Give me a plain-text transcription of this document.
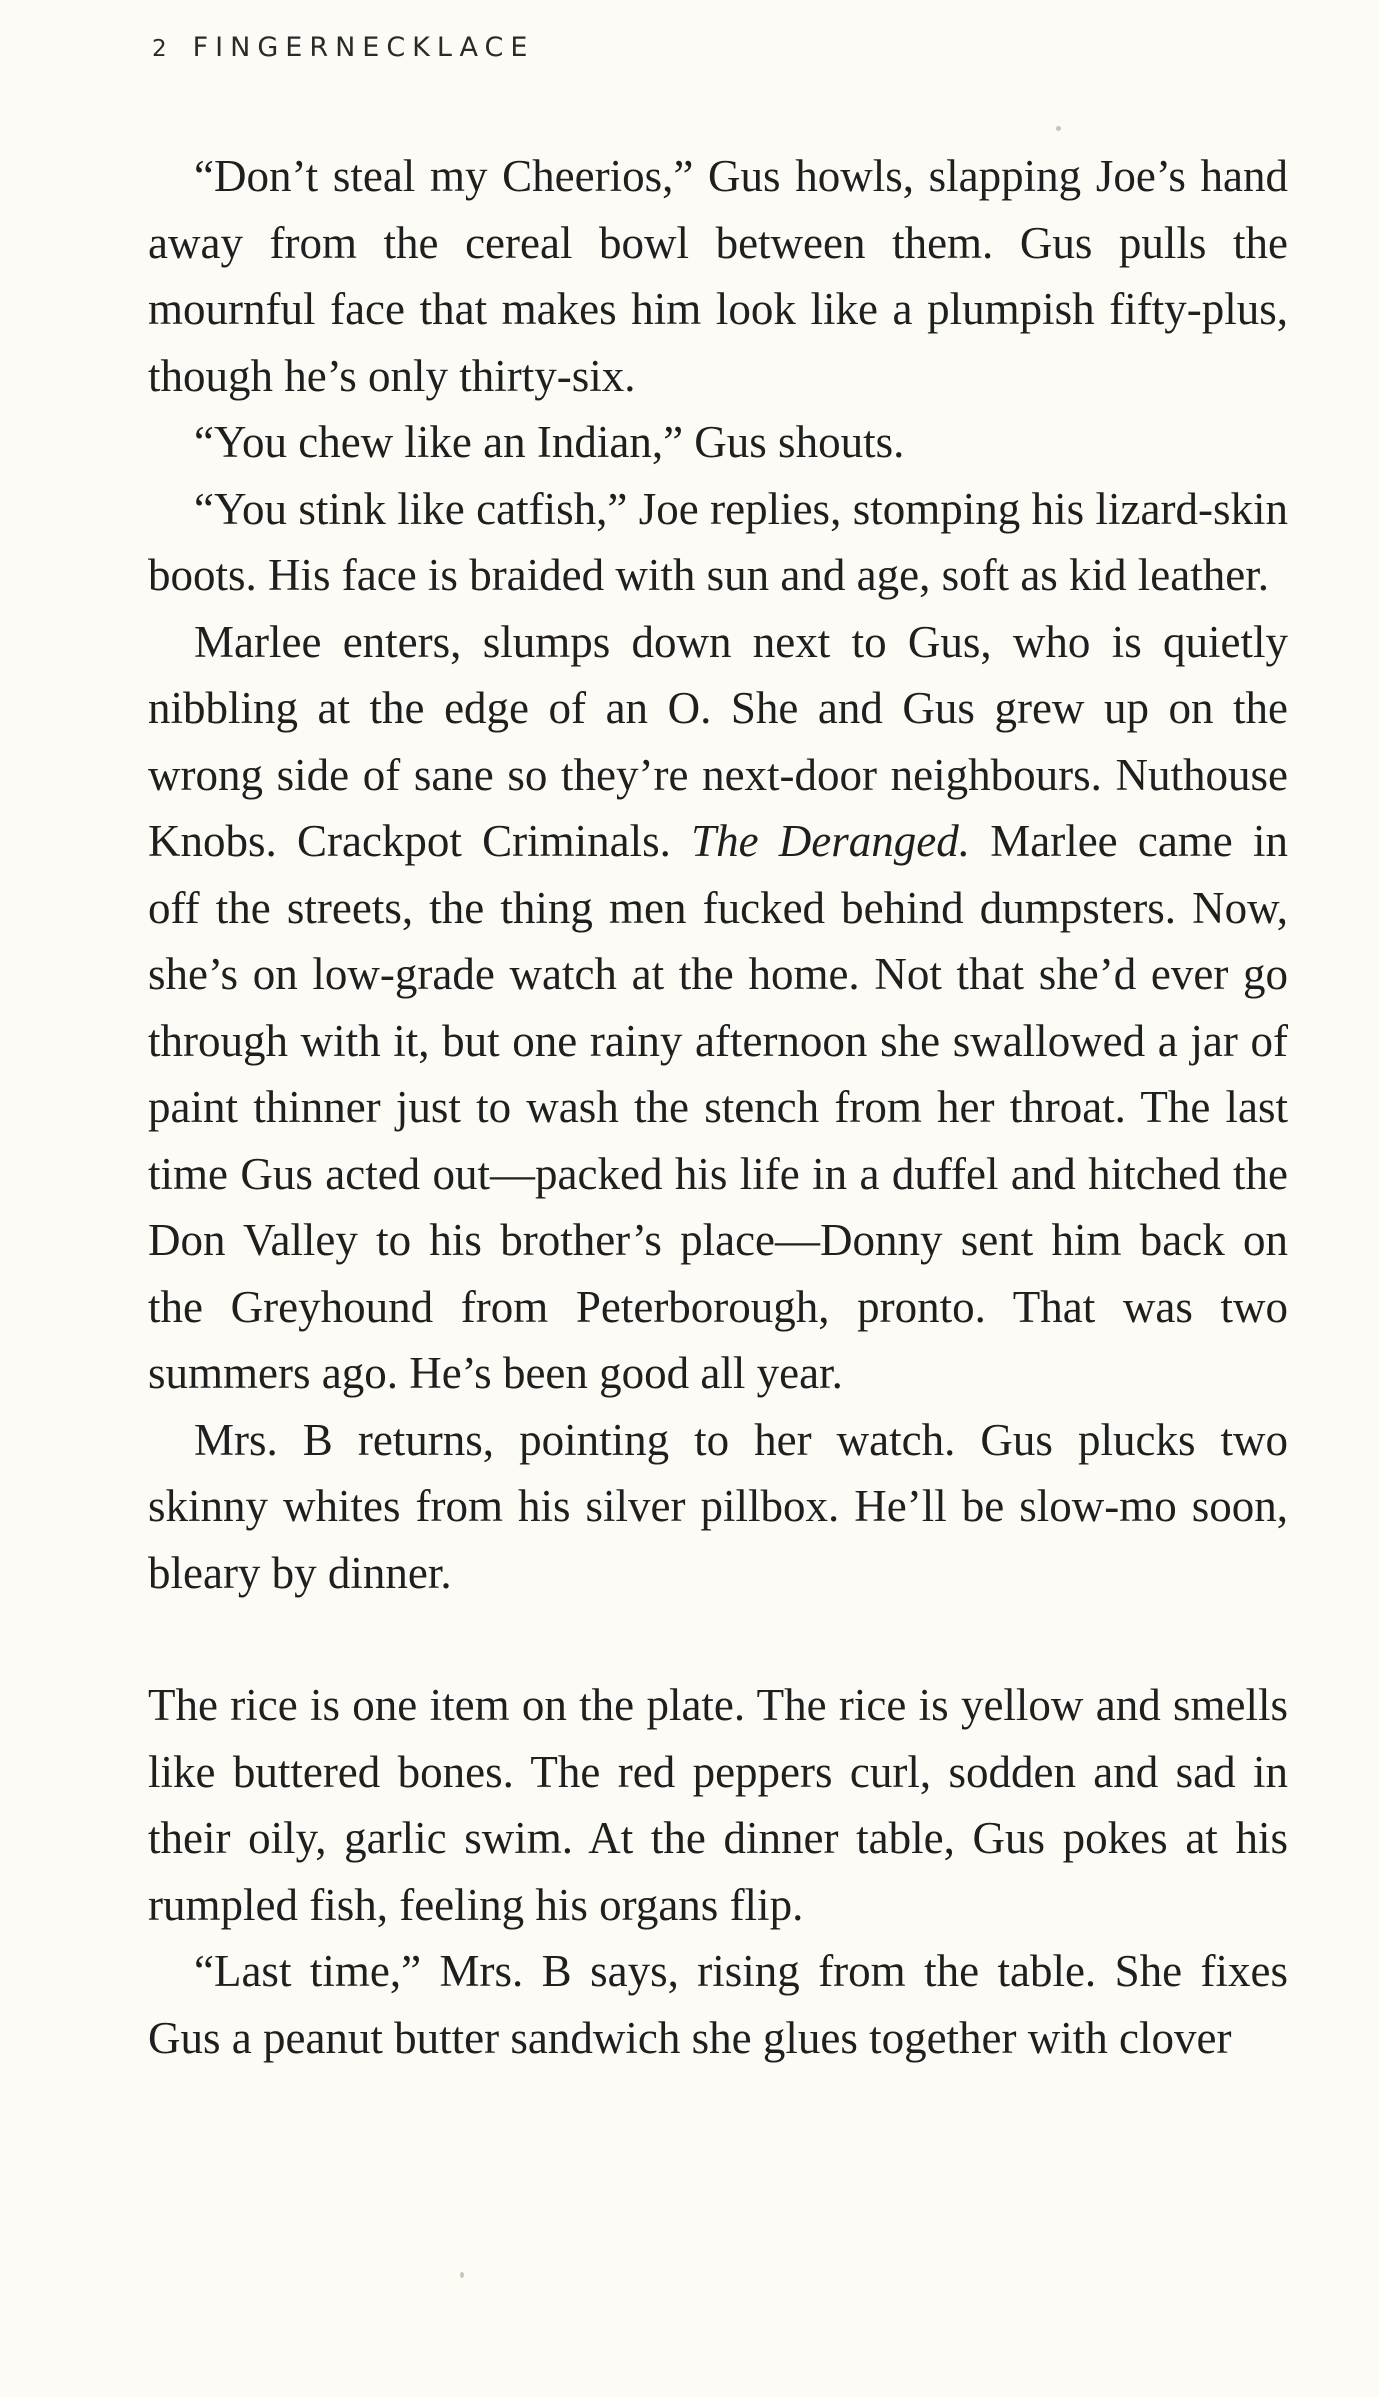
2 FINGERNECKLACE

“Don’t steal my Cheerios,” Gus howls, slapping Joe’s hand away from the cereal bowl between them. Gus pulls the mournful face that makes him look like a plumpish fifty-plus, though he’s only thirty-six.

“You chew like an Indian,” Gus shouts.

“You stink like catfish,” Joe replies, stomping his lizard-skin boots. His face is braided with sun and age, soft as kid leather.

Marlee enters, slumps down next to Gus, who is quietly nibbling at the edge of an O. She and Gus grew up on the wrong side of sane so they’re next-door neighbours. Nuthouse Knobs. Crackpot Criminals. The Deranged. Marlee came in off the streets, the thing men fucked behind dumpsters. Now, she’s on low-grade watch at the home. Not that she’d ever go through with it, but one rainy afternoon she swallowed a jar of paint thinner just to wash the stench from her throat. The last time Gus acted out—packed his life in a duffel and hitched the Don Valley to his brother’s place—Donny sent him back on the Greyhound from Peterborough, pronto. That was two summers ago. He’s been good all year.

Mrs. B returns, pointing to her watch. Gus plucks two skinny whites from his silver pillbox. He’ll be slow-mo soon, bleary by dinner.

The rice is one item on the plate. The rice is yellow and smells like buttered bones. The red peppers curl, sodden and sad in their oily, garlic swim. At the dinner table, Gus pokes at his rumpled fish, feeling his organs flip.

“Last time,” Mrs. B says, rising from the table. She fixes Gus a peanut butter sandwich she glues together with clover
